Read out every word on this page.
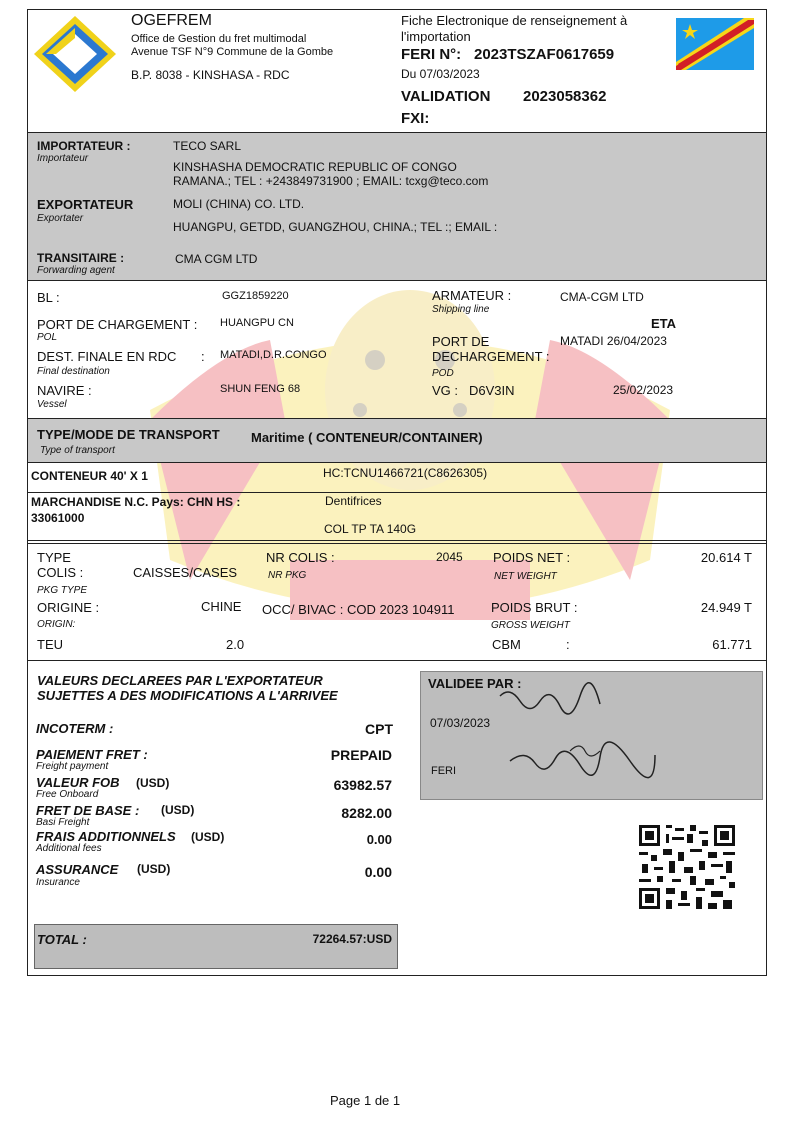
OGEFREM
Office de Gestion du fret multimodal
Avenue TSF N°9 Commune de la Gombe
B.P. 8038 - KINSHASA - RDC
Fiche Electronique de renseignement à
l'importation
FERI N°: 2023TSZAF0617659
Du 07/03/2023
VALIDATION 2023058362
FXI:
IMPORTATEUR :
Importateur
TECO SARL
KINSHASHA DEMOCRATIC REPUBLIC OF CONGO
RAMANA.; TEL : +243849731900 ; EMAIL: tcxg@teco.com
EXPORTATEUR
Exportater
MOLI (CHINA) CO. LTD.
HUANGPU, GETDD, GUANGZHOU, CHINA.; TEL :; EMAIL :
TRANSITAIRE :
Forwarding agent
CMA CGM LTD
BL :	GGZ1859220	ARMATEUR :
Shipping line
CMA-CGM LTD
PORT DE CHARGEMENT :
POL
HUANGPU CN	ETA
DEST. FINALE EN RDC :
Final destination
MATADI,D.R.CONGO
PORT DE
DECHARGEMENT :
POD
MATADI 26/04/2023
NAVIRE :
Vessel
SHUN FENG 68	VG : D6V3IN	25/02/2023
TYPE/MODE DE TRANSPORT
Type of transport
Maritime ( CONTENEUR/CONTAINER)
CONTENEUR 40' X 1	HC:TCNU1466721(C8626305)
MARCHANDISE N.C. Pays: CHN HS :
33061000
Dentifrices
COL TP TA 140G
TYPE
COLIS :	CAISSES/CASES
PKG TYPE
NR COLIS :
NR PKG
2045 POIDS NET :
NET WEIGHT
20.614 T
ORIGINE :
ORIGIN:
CHINE OCC/ BIVAC : COD 2023 104911	POIDS BRUT :
GROSS WEIGHT
24.949 T
TEU	2.0	CBM	:	61.771
VALEURS DECLAREES PAR L'EXPORTATEUR
SUJETTES A DES MODIFICATIONS A L'ARRIVEE
INCOTERM :	CPT
PAIEMENT FRET :
Freight payment
PREPAID
VALEUR FOB (USD)
Free Onboard
63982.57
FRET DE BASE : (USD)
Basi Freight
8282.00
FRAIS ADDITIONNELS (USD)
Additional fees
0.00
ASSURANCE (USD)
Insurance
0.00
TOTAL :	72264.57:USD
VALIDEE PAR :
07/03/2023
FERI
Page 1 de 1
